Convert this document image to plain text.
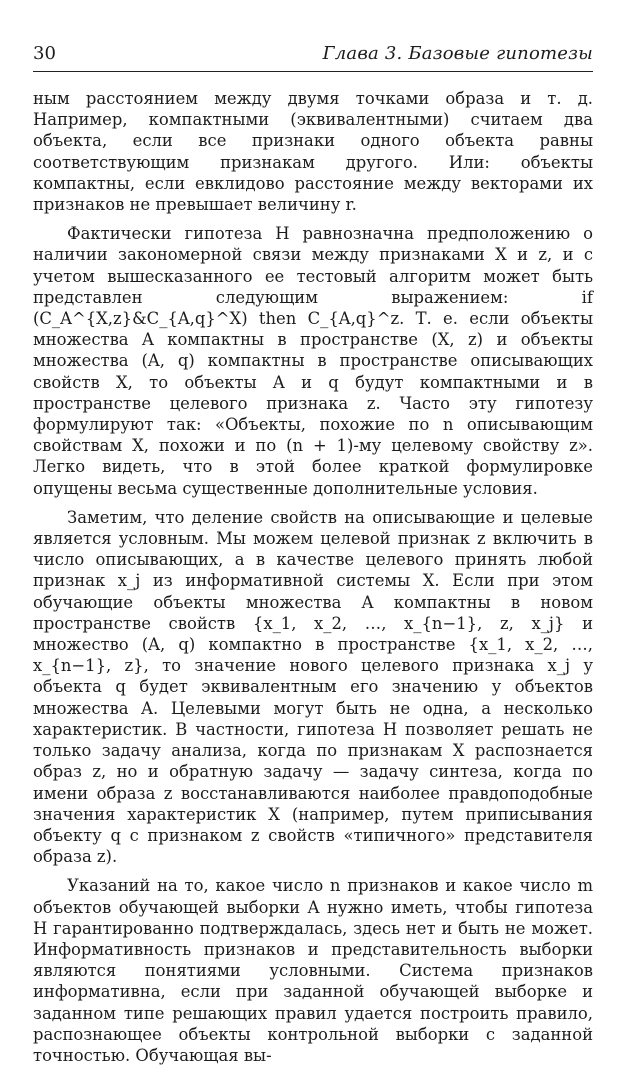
30	Глава 3. Базовые гипотезы

ным расстоянием между двумя точками образа и т. д. Например, компактными (эквивалентными) считаем два объекта, если все признаки одного объекта равны соответствующим признакам другого. Или: объекты компактны, если евклидово расстояние между векторами их признаков не превышает величину r.

Фактически гипотеза H равнозначна предположению о наличии закономерной связи между признаками X и z, и с учетом вышесказанного ее тестовый алгоритм может быть представлен следующим выражением: if (C_A^{X,z}&C_{A,q}^X) then C_{A,q}^z. Т. е. если объекты множества A компактны в пространстве (X, z) и объекты множества (A, q) компактны в пространстве описывающих свойств X, то объекты A и q будут компактными и в пространстве целевого признака z. Часто эту гипотезу формулируют так: «Объекты, похожие по n описывающим свойствам X, похожи и по (n + 1)-му целевому свойству z». Легко видеть, что в этой более краткой формулировке опущены весьма существенные дополнительные условия.

Заметим, что деление свойств на описывающие и целевые является условным. Мы можем целевой признак z включить в число описывающих, а в качестве целевого принять любой признак x_j из информативной системы X. Если при этом обучающие объекты множества A компактны в новом пространстве свойств {x_1, x_2, …, x_{n−1}, z, x_j} и множество (A, q) компактно в пространстве {x_1, x_2, …, x_{n−1}, z}, то значение нового целевого признака x_j у объекта q будет эквивалентным его значению у объектов множества A. Целевыми могут быть не одна, а несколько характеристик. В частности, гипотеза H позволяет решать не только задачу анализа, когда по признакам X распознается образ z, но и обратную задачу — задачу синтеза, когда по имени образа z восстанавливаются наиболее правдоподобные значения характеристик X (например, путем приписывания объекту q с признаком z свойств «типичного» представителя образа z).

Указаний на то, какое число n признаков и какое число m объектов обучающей выборки A нужно иметь, чтобы гипотеза H гарантированно подтверждалась, здесь нет и быть не может. Информативность признаков и представительность выборки являются понятиями условными. Система признаков информативна, если при заданной обучающей выборке и заданном типе решающих правил удается построить правило, распознающее объекты контрольной выборки с заданной точностью. Обучающая вы-
